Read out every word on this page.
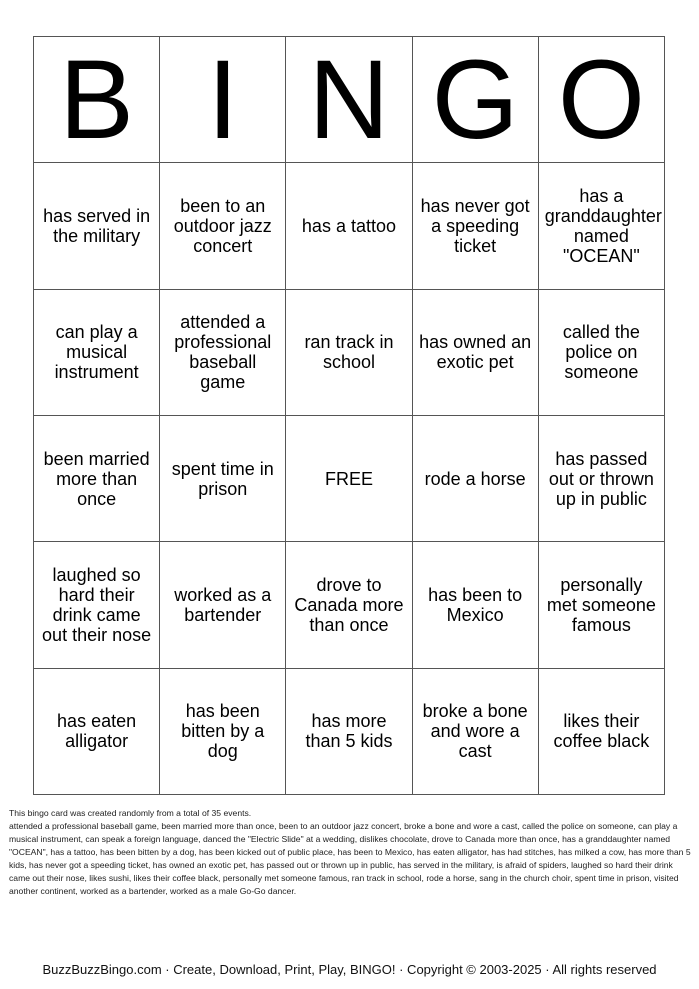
B	I	N	G	O
has served in the military	been to an outdoor jazz concert	has a tattoo	has never got a speeding ticket	has a granddaughter named "OCEAN"
can play a musical instrument	attended a professional baseball game	ran track in school	has owned an exotic pet	called the police on someone
been married more than once	spent time in prison	FREE	rode a horse	has passed out or thrown up in public
laughed so hard their drink came out their nose	worked as a bartender	drove to Canada more than once	has been to Mexico	personally met someone famous
has eaten alligator	has been bitten by a dog	has more than 5 kids	broke a bone and wore a cast	likes their coffee black
This bingo card was created randomly from a total of 35 events.
attended a professional baseball game, been married more than once, been to an outdoor jazz concert, broke a bone and wore a cast, called the police on someone, can play a musical instrument, can speak a foreign language, danced the "Electric Slide" at a wedding, dislikes chocolate, drove to Canada more than once, has a granddaughter named "OCEAN", has a tattoo, has been bitten by a dog, has been kicked out of public place, has been to Mexico, has eaten alligator, has had stitches, has milked a cow, has more than 5 kids, has never got a speeding ticket, has owned an exotic pet, has passed out or thrown up in public, has served in the military, is afraid of spiders, laughed so hard their drink came out their nose, likes sushi, likes their coffee black, personally met someone famous, ran track in school, rode a horse, sang in the church choir, spent time in prison, visited another continent, worked as a bartender, worked as a male Go-Go dancer.
BuzzBuzzBingo.com · Create, Download, Print, Play, BINGO! · Copyright © 2003-2025 · All rights reserved
